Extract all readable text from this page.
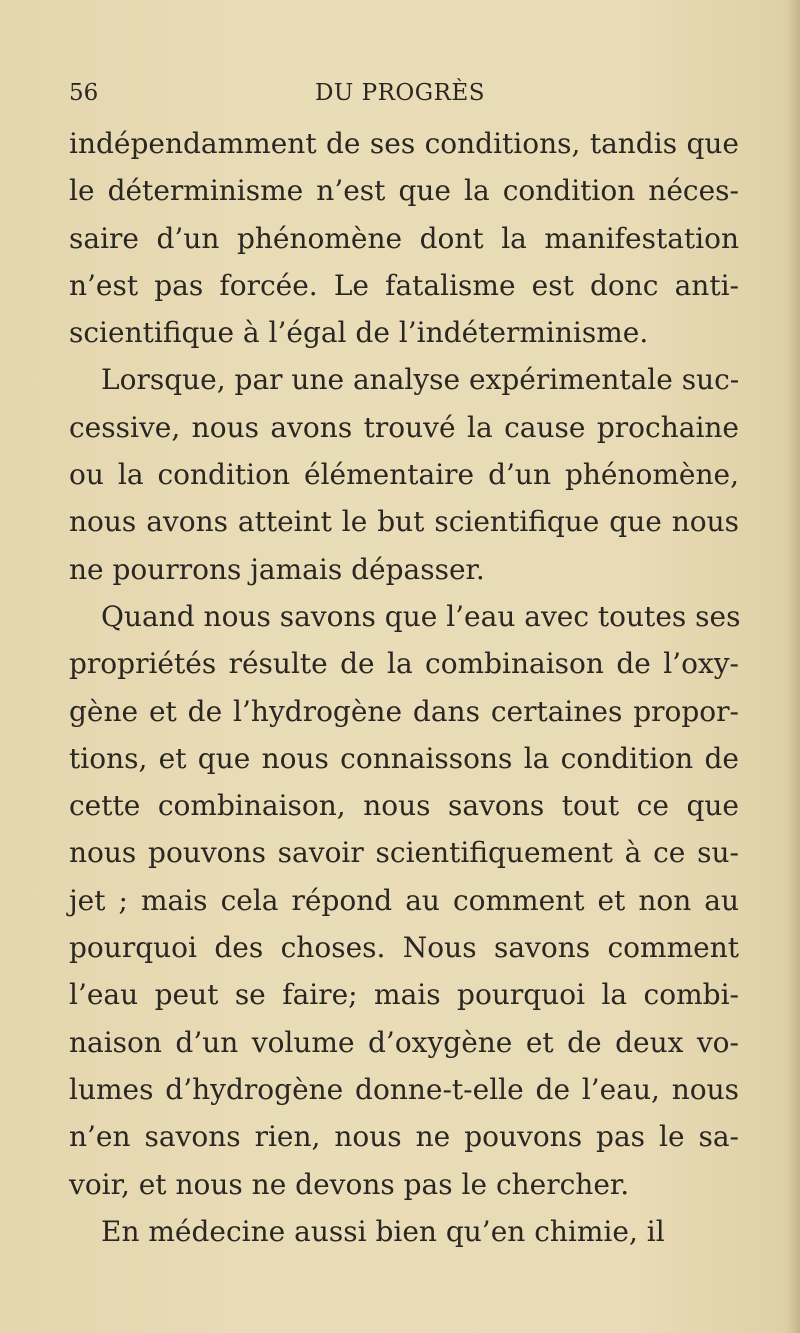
56	DU PROGRÈS
indépendamment de ses conditions, tandis que
le déterminisme n’est que la condition néces-
saire d’un phénomène dont la manifestation
n’est pas forcée. Le fatalisme est donc anti-
scientifique à l’égal de l’indéterminisme.
Lorsque, par une analyse expérimentale suc-
cessive, nous avons trouvé la cause prochaine
ou la condition élémentaire d’un phénomène,
nous avons atteint le but scientifique que nous
ne pourrons jamais dépasser.
Quand nous savons que l’eau avec toutes ses
propriétés résulte de la combinaison de l’oxy-
gène et de l’hydrogène dans certaines propor-
tions, et que nous connaissons la condition de
cette combinaison, nous savons tout ce que
nous pouvons savoir scientifiquement à ce su-
jet ; mais cela répond au comment et non au
pourquoi des choses. Nous savons comment
l’eau peut se faire; mais pourquoi la combi-
naison d’un volume d’oxygène et de deux vo-
lumes d’hydrogène donne-t-elle de l’eau, nous
n’en savons rien, nous ne pouvons pas le sa-
voir, et nous ne devons pas le chercher.
En médecine aussi bien qu’en chimie, il
